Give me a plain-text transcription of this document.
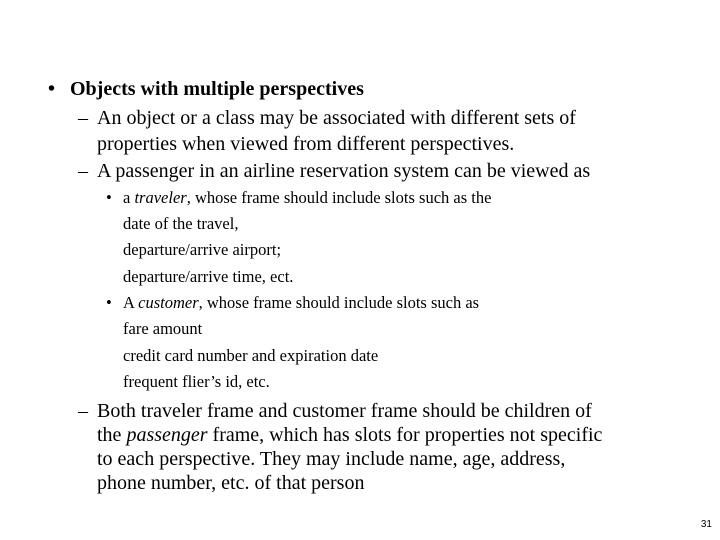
• Objects with multiple perspectives
– An object or a class may be associated with different sets of
properties when viewed from different perspectives.
– A passenger in an airline reservation system can be viewed as
• a traveler, whose frame should include slots such as the
date of the travel,
departure/arrive airport;
departure/arrive time, ect.
• A customer, whose frame should include slots such as
fare amount
credit card number and expiration date
frequent flier’s id, etc.
– Both traveler frame and customer frame should be children of
the passenger frame, which has slots for properties not specific
to each perspective. They may include name, age, address,
phone number, etc. of that person
31
